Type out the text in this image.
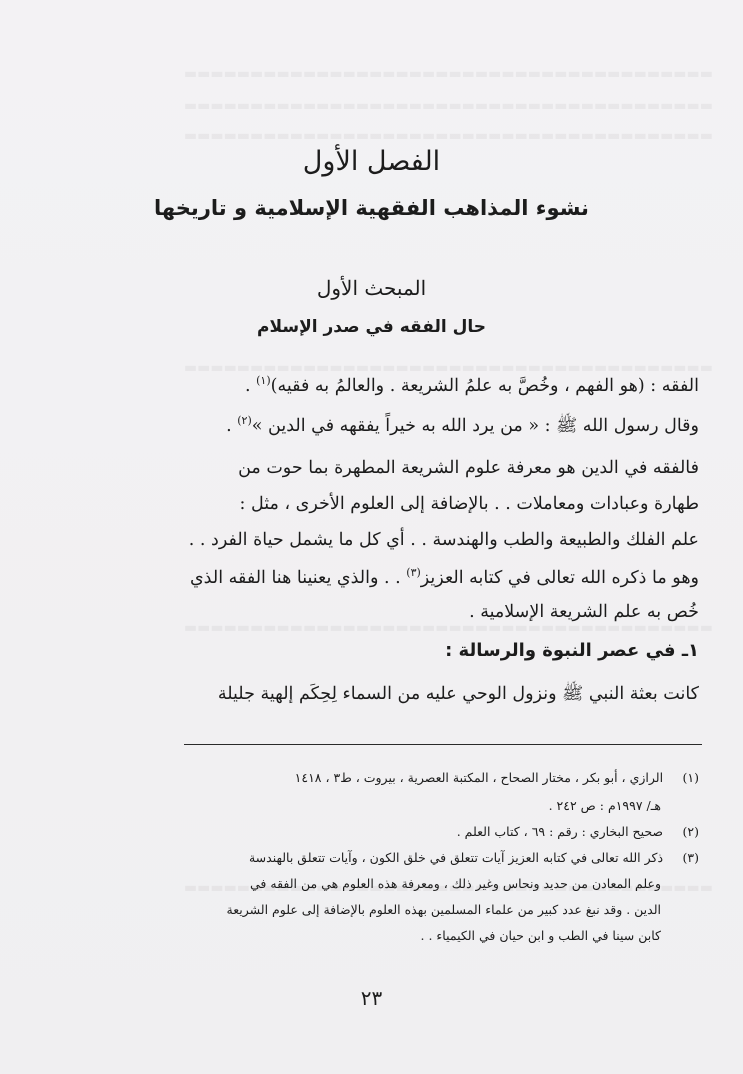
الفصل الأول
نشوء المذاهب الفقهية الإسلامية و تاريخها
المبحث الأول
حال الفقه في صدر الإسلام
الفقه : (هو الفهم ، وخُصَّ به علمُ الشريعة . والعالمُ به فقيه)$^{(١)}$ .
وقال رسول الله ﷺ : « من يرد الله به خيراً يفقهه في الدين »$^{(٢)}$ .
فالفقه في الدين هو معرفة علوم الشريعة المطهرة بما حوت من
طهارة وعبادات ومعاملات . . بالإضافة إلى العلوم الأخرى ، مثل :
علم الفلك والطبيعة والطب والهندسة . . أي كل ما يشمل حياة الفرد . .
وهو ما ذكره الله تعالى في كتابه العزيز$^{(٣)}$ . . والذي يعنينا هنا الفقه الذي
خُص به علم الشريعة الإسلامية .
١ـ في عصر النبوة والرسالة :
كانت بعثة النبي ﷺ ونزول الوحي عليه من السماء لِحِكَم إلهية جليلة
(١)  الرازي ، أبو بكر ، مختار الصحاح ، المكتبة العصرية ، بيروت ، ط٣ ، ١٤١٨
هـ/ ١٩٩٧م : ص ٢٤٢ .
(٢)  صحيح البخاري : رقم : ٦٩ ، كتاب العلم .
(٣)  ذكر الله تعالى في كتابه العزيز آيات تتعلق في خلق الكون ، وآيات تتعلق بالهندسة
وعلم المعادن من حديد ونحاس وغير ذلك ، ومعرفة هذه العلوم هي من الفقه في
الدين . وقد نبغ عدد كبير من علماء المسلمين بهذه العلوم بالإضافة إلى علوم الشريعة
كابن سينا في الطب و ابن حيان في الكيمياء . .
٢٣
